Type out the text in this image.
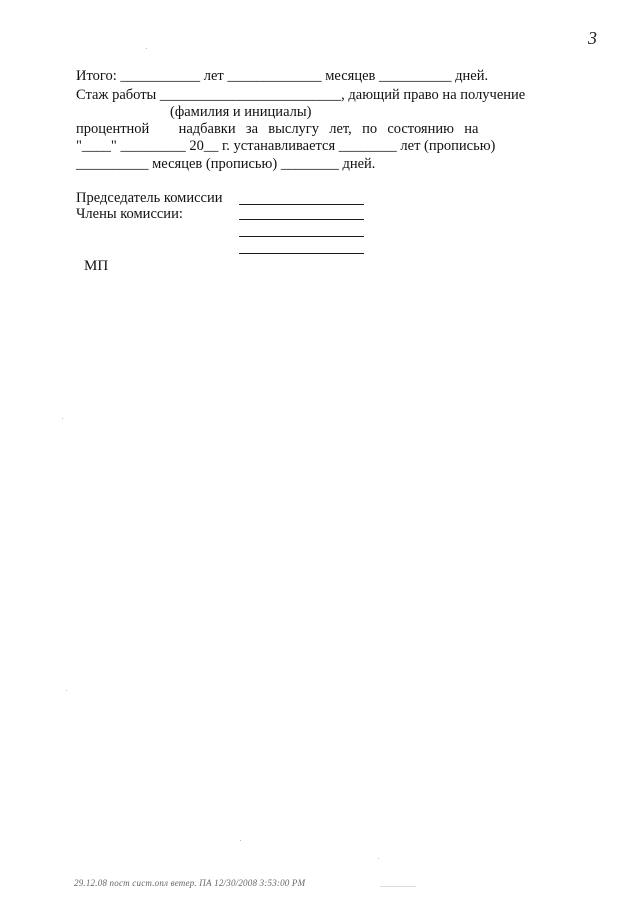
3
Итого: ___________ лет _____________ месяцев __________ дней.
Стаж работы _________________________, дающий право на получение
(фамилия и инициалы)
процентной надбавки за выслугу лет, по состоянию на
"____" _________ 20__ г. устанавливается ________ лет (прописью)
__________ месяцев (прописью) ________ дней.
Председатель комиссии
Члены комиссии:
МП
29.12.08 пост сист.опл ветер. ПА 12/30/2008 3:53:00 PM
